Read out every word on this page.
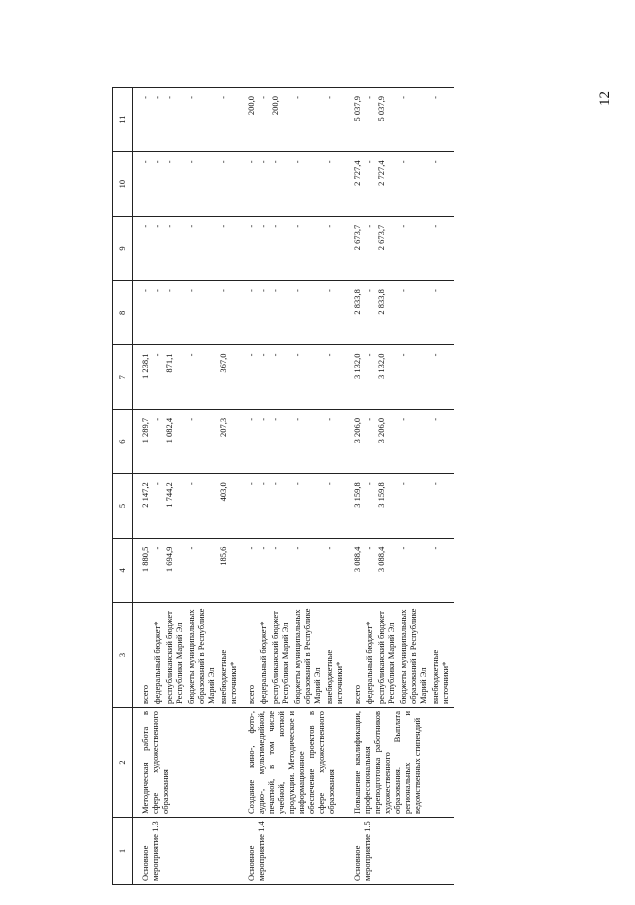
12
1	2	3	4	5	6	7	8	9	10	11
Основное мероприятие 1.3	Методическая работа в сфере художественного образования	всего	1 880,5	2 147,2	1 289,7	1 238,1	-	-	-	-
		федеральный бюджет*	-	-	-	-	-	-	-	-
		республиканский бюджет Республики Марий Эл	1 694,9	1 744,2	1 082,4	871,1	-	-	-	-
		бюджеты муниципальных образований в Республике Марий Эл	-	-	-	-	-	-	-	-
		внебюджетные источники*	185,6	403,0	207,3	367,0	-	-	-	-
Основное мероприятие 1.4	Создание кино-, фото-, аудио-, мультимедийной, печатной, в том числе учебной, нотной продукции. Методическое и информационное обеспечение проектов в сфере художественного образования	всего	-	-	-	-	-	-	-	200,0
		федеральный бюджет*	-	-	-	-	-	-	-	-
		республиканский бюджет Республики Марий Эл	-	-	-	-	-	-	-	200,0
		бюджеты муниципальных образований в Республике Марий Эл	-	-	-	-	-	-	-	-
		внебюджетные источники*	-	-	-	-	-	-	-	-
Основное мероприятие 1.5	Повышение квалификации, профессиональная переподготовка работников художественного образования. Выплата региональных и ведомственных стипендий	всего	3 088,4	3 159,8	3 206,0	3 132,0	2 833,8	2 673,7	2 727,4	5 037,9
		федеральный бюджет*	-	-	-	-	-	-	-	-
		республиканский бюджет Республики Марий Эл	3 088,4	3 159,8	3 206,0	3 132,0	2 833,8	2 673,7	2 727,4	5 037,9
		бюджеты муниципальных образований в Республике Марий Эл	-	-	-	-	-	-	-	-
		внебюджетные источники*	-	-	-	-	-	-	-	-
